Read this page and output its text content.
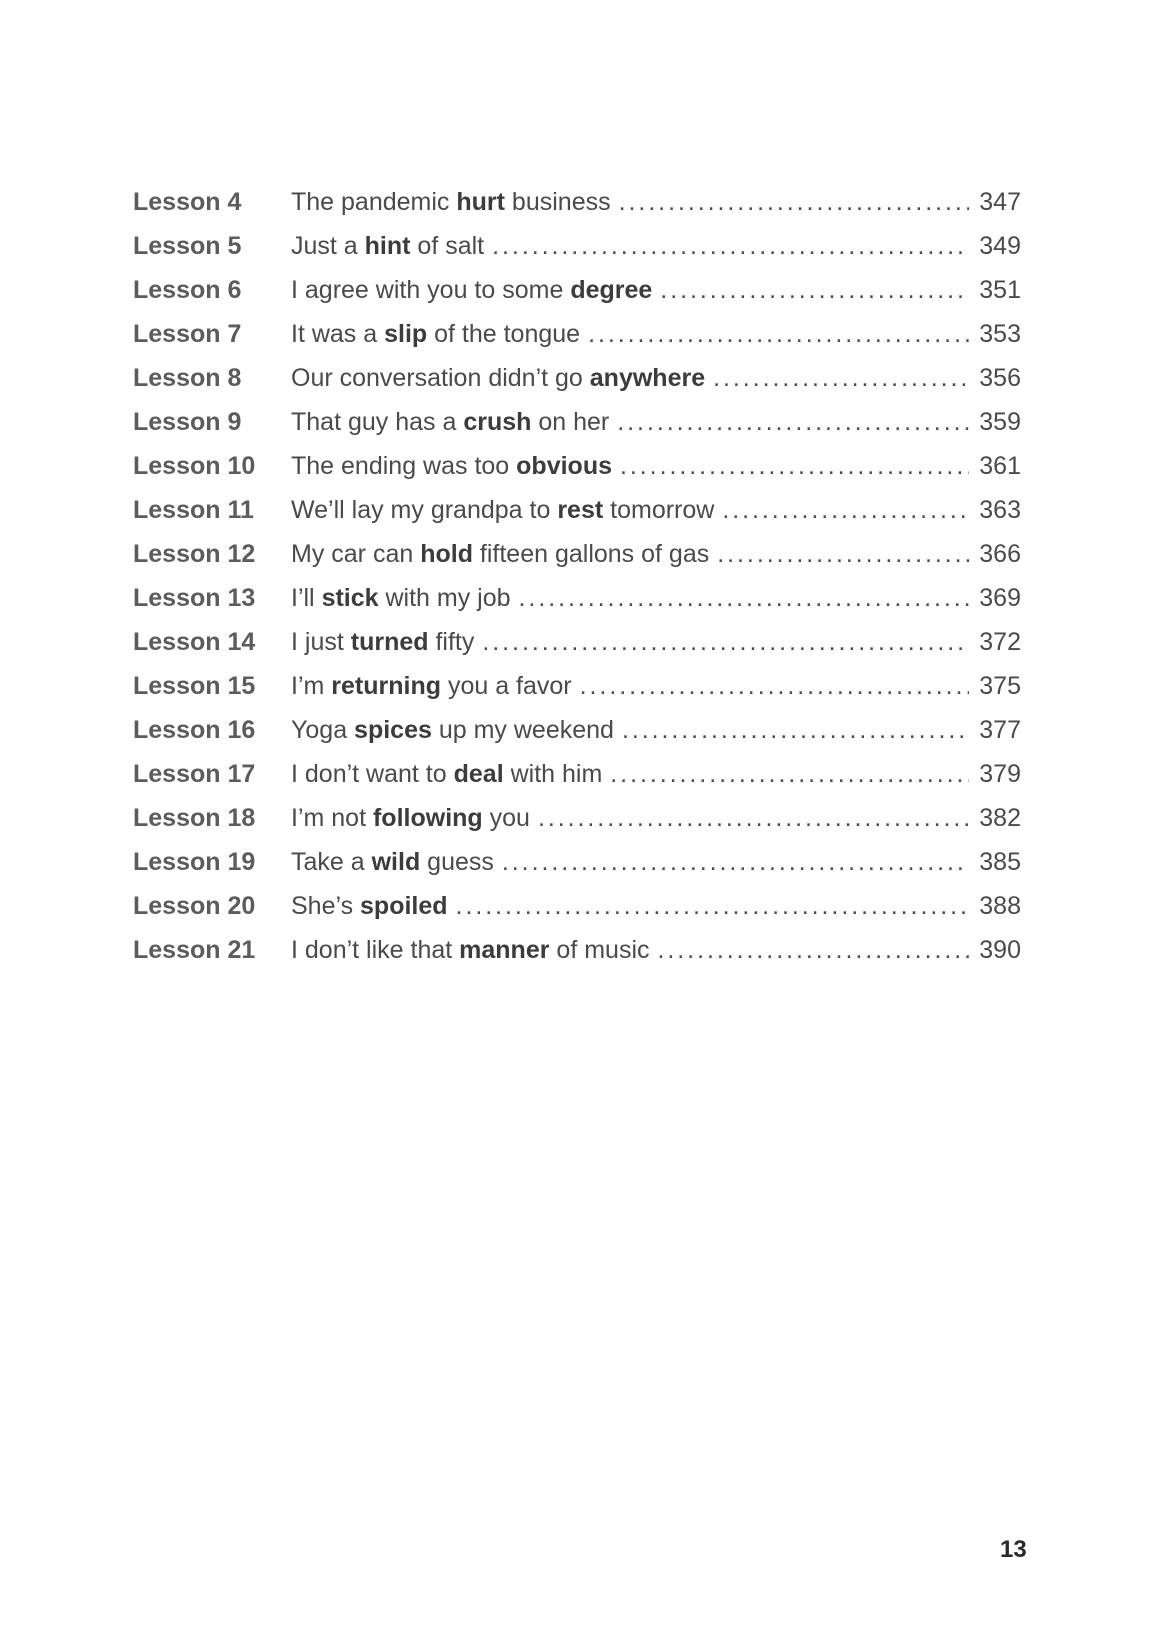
Lesson 4	The pandemic hurt business . . .	347
Lesson 5	Just a hint of salt . . .	349
Lesson 6	I agree with you to some degree . . .	351
Lesson 7	It was a slip of the tongue . . .	353
Lesson 8	Our conversation didn’t go anywhere . . .	356
Lesson 9	That guy has a crush on her . . .	359
Lesson 10	The ending was too obvious . . .	361
Lesson 11	We’ll lay my grandpa to rest tomorrow . . .	363
Lesson 12	My car can hold fifteen gallons of gas . . .	366
Lesson 13	I’ll stick with my job . . .	369
Lesson 14	I just turned fifty . . .	372
Lesson 15	I’m returning you a favor . . .	375
Lesson 16	Yoga spices up my weekend . . .	377
Lesson 17	I don’t want to deal with him . . .	379
Lesson 18	I’m not following you . . .	382
Lesson 19	Take a wild guess . . .	385
Lesson 20	She’s spoiled . . .	388
Lesson 21	I don’t like that manner of music . . .	390
13
